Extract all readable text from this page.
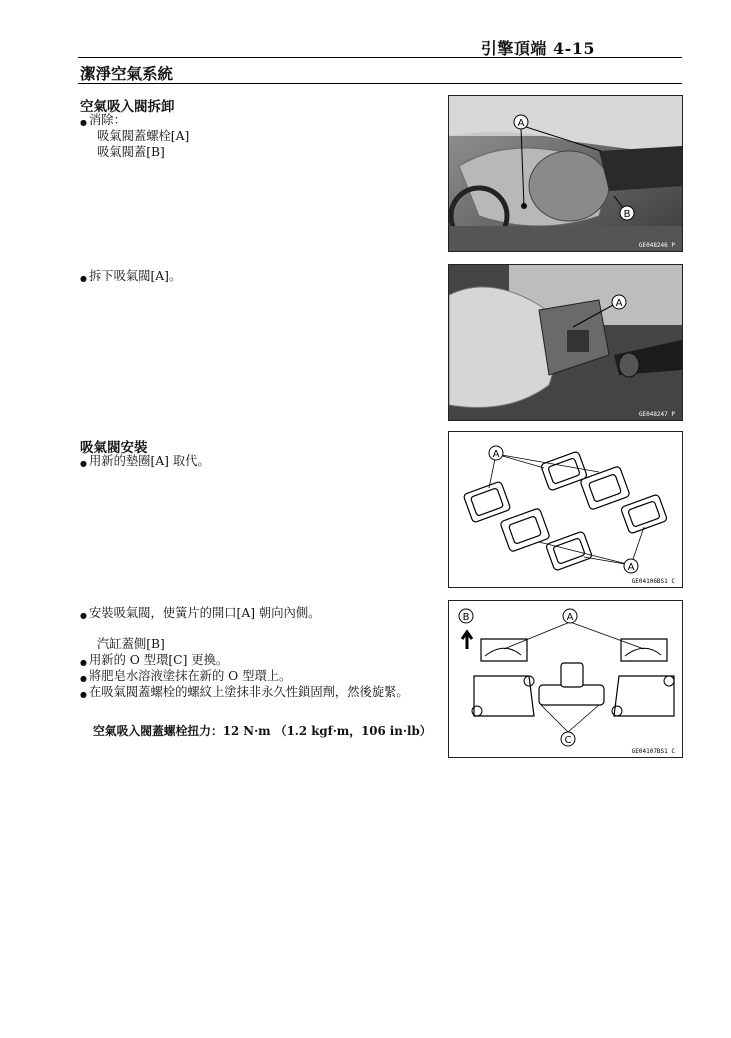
引擎頂端 4-15
潔淨空氣系統
空氣吸入閥拆卸
● 消除：
吸氣閥蓋螺栓[A]
吸氣閥蓋[B]
● 拆下吸氣閥[A]。
吸氣閥安裝
● 用新的墊圈[A] 取代。
● 安裝吸氣閥，使簧片的開口[A] 朝向內側。
汽缸蓋側[B]
● 用新的 O 型環[C] 更換。
● 將肥皂水溶液塗抹在新的 O 型環上。
● 在吸氣閥蓋螺栓的螺紋上塗抹非永久性鎖固劑，然後旋緊。
空氣吸入閥蓋螺栓扭力：12 N·m （1.2 kgf·m，106 in·lb）
A
B
GE048246 P
A
GE048247 P
A
A
GE04106BS1 C
B	A
C
GE04107BS1 C
